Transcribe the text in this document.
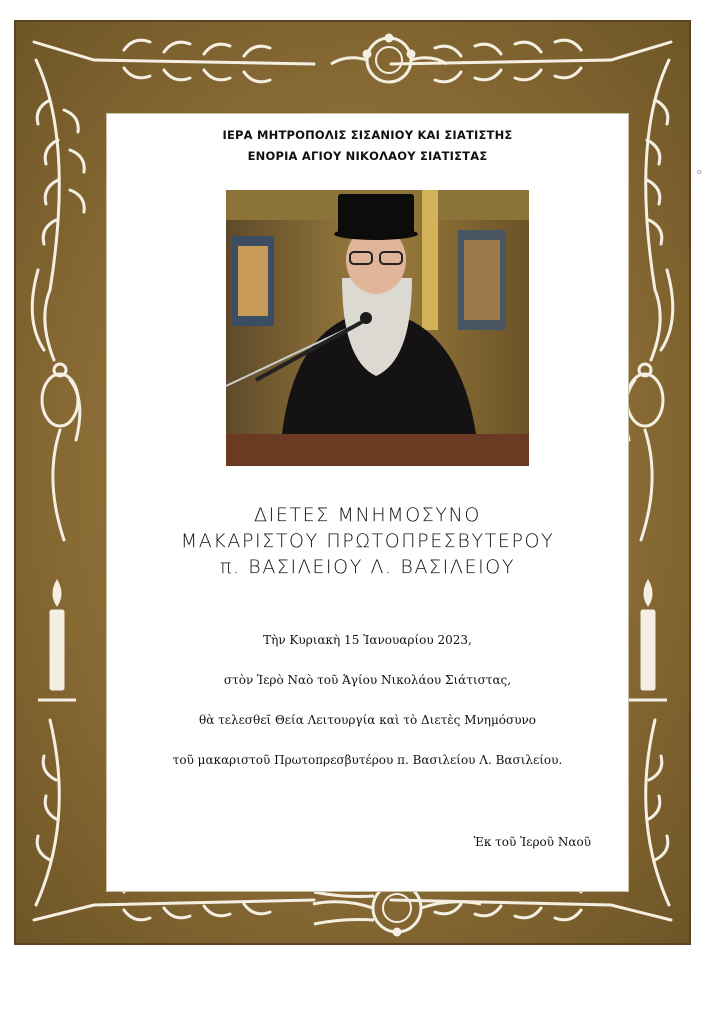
ΙΕΡΑ ΜΗΤΡΟΠΟΛΙΣ ΣΙΣΑΝΙΟΥ ΚΑΙ ΣΙΑΤΙΣΤΗΣ
ΕΝΟΡΙΑ ΑΓΙΟΥ ΝΙΚΟΛΑΟΥ ΣΙΑΤΙΣΤΑΣ
ΔΙΕΤΕΣ ΜΝΗΜΟΣΥΝΟ
ΜΑΚΑΡΙΣΤΟΥ ΠΡΩΤΟΠΡΕΣΒΥΤΕΡΟΥ
π. ΒΑΣΙΛΕΙΟΥ Λ. ΒΑΣΙΛΕΙΟΥ
Τὴν Κυριακὴ 15 Ἰανουαρίου 2023,
στὸν Ἱερὸ Ναὸ τοῦ Ἁγίου Νικολάου Σιάτιστας,
θὰ τελεσθεῖ Θεία Λειτουργία καὶ τὸ Διετὲς Μνημόσυνο
τοῦ μακαριστοῦ Πρωτοπρεσβυτέρου π. Βασιλείου Λ. Βασιλείου.
Ἐκ τοῦ Ἱεροῦ Ναοῦ
o
